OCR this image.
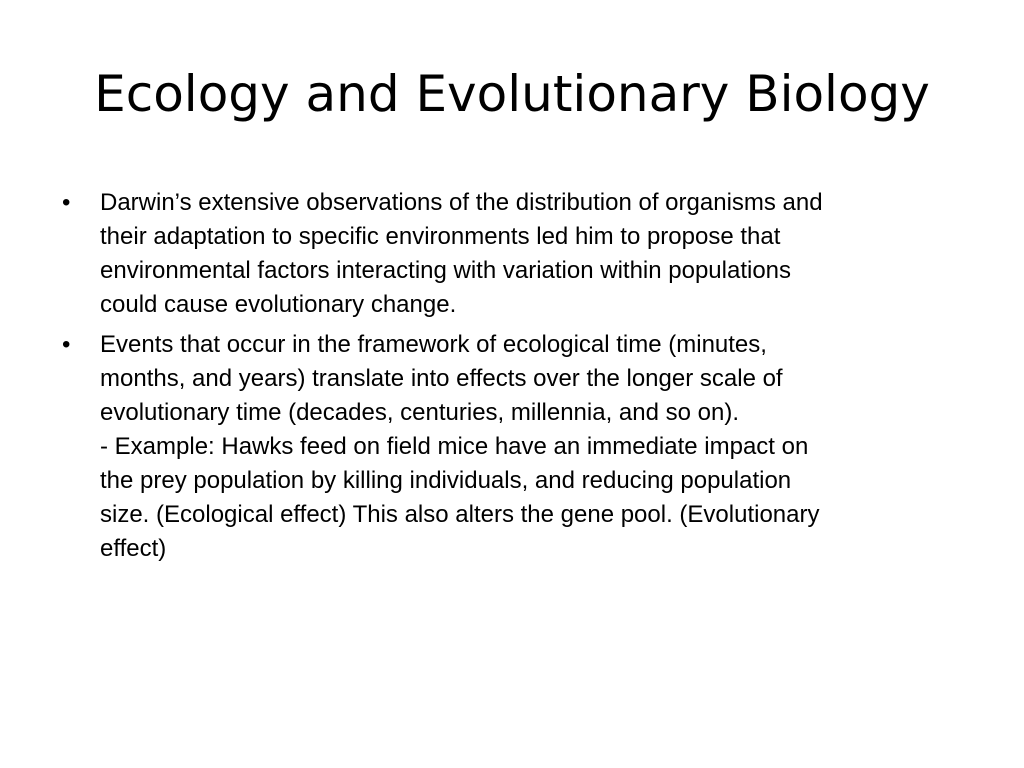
Ecology and Evolutionary Biology
• Darwin’s extensive observations of the distribution of organisms and
their adaptation to specific environments led him to propose that
environmental factors interacting with variation within populations
could cause evolutionary change.
• Events that occur in the framework of ecological time (minutes,
months, and years) translate into effects over the longer scale of
evolutionary time (decades, centuries, millennia, and so on).
- Example: Hawks feed on field mice have an immediate impact on
the prey population by killing individuals, and reducing population
size. (Ecological effect) This also alters the gene pool. (Evolutionary
effect)
